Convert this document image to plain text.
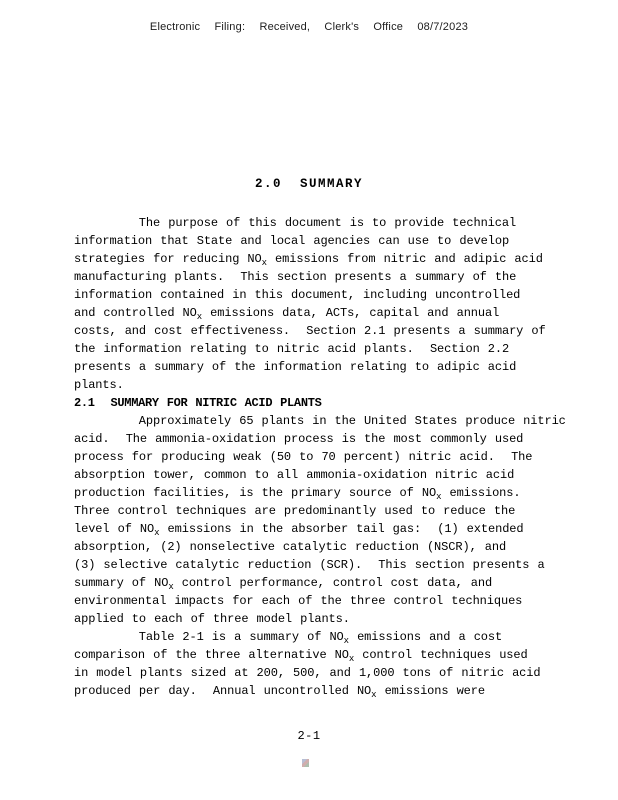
Electronic Filing: Received, Clerk's Office 08/7/2023
2.0  SUMMARY
The purpose of this document is to provide technical
information that State and local agencies can use to develop
strategies for reducing $NO_x$ emissions from nitric and adipic acid
manufacturing plants.  This section presents a summary of the
information contained in this document, including uncontrolled
and controlled $NO_x$ emissions data, ACTs, capital and annual
costs, and cost effectiveness.  Section 2.1 presents a summary of
the information relating to nitric acid plants.  Section 2.2
presents a summary of the information relating to adipic acid
plants.
2.1  SUMMARY FOR NITRIC ACID PLANTS
Approximately 65 plants in the United States produce nitric
acid.  The ammonia-oxidation process is the most commonly used
process for producing weak (50 to 70 percent) nitric acid.  The
absorption tower, common to all ammonia-oxidation nitric acid
production facilities, is the primary source of $NO_x$ emissions.
Three control techniques are predominantly used to reduce the
level of $NO_x$ emissions in the absorber tail gas:  (1) extended
absorption, (2) nonselective catalytic reduction (NSCR), and
(3) selective catalytic reduction (SCR).  This section presents a
summary of $NO_x$ control performance, control cost data, and
environmental impacts for each of the three control techniques
applied to each of three model plants.
Table 2-1 is a summary of $NO_x$ emissions and a cost
comparison of the three alternative $NO_x$ control techniques used
in model plants sized at 200, 500, and 1,000 tons of nitric acid
produced per day.  Annual uncontrolled $NO_x$ emissions were
2-1
